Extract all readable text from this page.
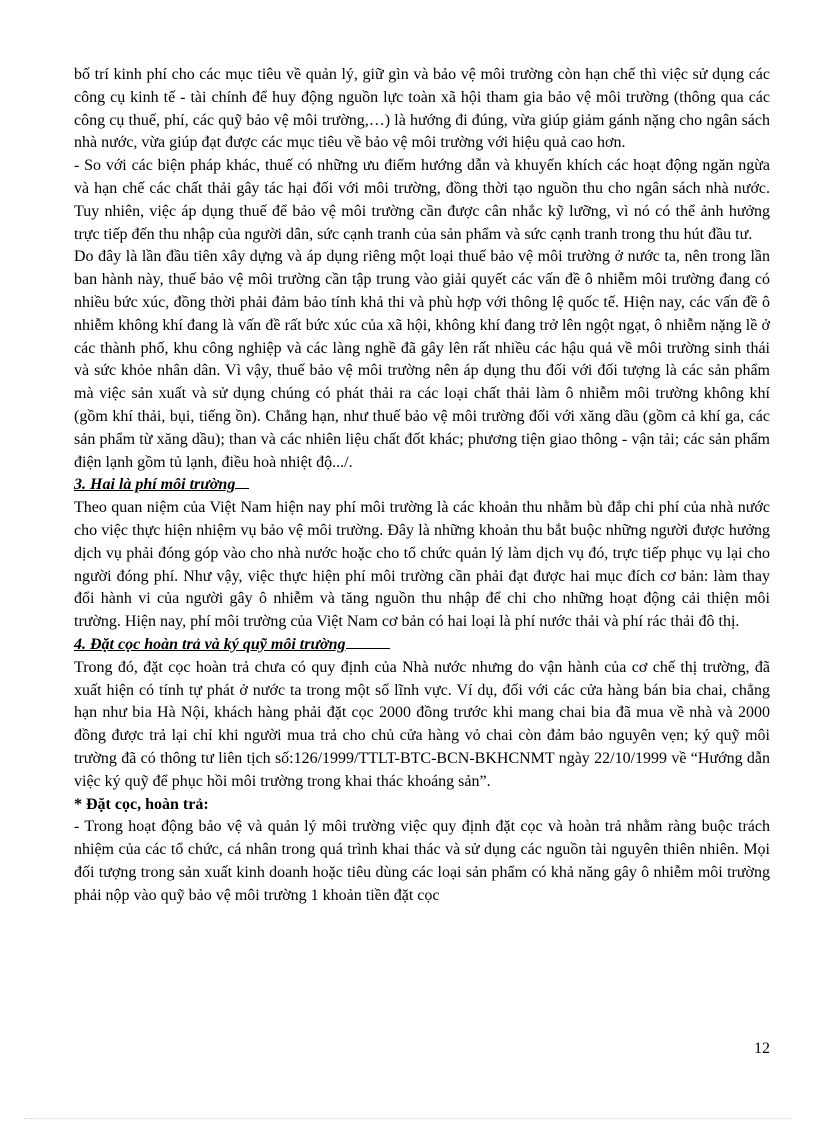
bố trí kinh phí cho các mục tiêu về quản lý, giữ gìn và bảo vệ môi trường còn hạn chế thì việc sử dụng các công cụ kinh tế - tài chính để huy động nguồn lực toàn xã hội tham gia bảo vệ môi trường (thông qua các công cụ thuế, phí, các quỹ bảo vệ môi trường,…) là hướng đi đúng, vừa giúp giảm gánh nặng cho ngân sách nhà nước, vừa giúp đạt được các mục tiêu về bảo vệ môi trường với hiệu quả cao hơn.

- So với các biện pháp khác, thuế có những ưu điểm hướng dẫn và khuyến khích các hoạt động ngăn ngừa và hạn chế các chất thải gây tác hại đối với môi trường, đồng thời tạo nguồn thu cho ngân sách nhà nước. Tuy nhiên, việc áp dụng thuế để bảo vệ môi trường cần được cân nhắc kỹ lưỡng, vì nó có thể ảnh hưởng trực tiếp đến thu nhập của người dân, sức cạnh tranh của sản phẩm và sức cạnh tranh trong thu hút đầu tư.

Do đây là lần đầu tiên xây dựng và áp dụng riêng một loại thuế bảo vệ môi trường ở nước ta, nên trong lần ban hành này, thuế bảo vệ môi trường cần tập trung vào giải quyết các vấn đề ô nhiễm môi trường đang có nhiều bức xúc, đồng thời phải đảm bảo tính khả thi và phù hợp với thông lệ quốc tế. Hiện nay, các vấn đề ô nhiễm không khí đang là vấn đề rất bức xúc của xã hội, không khí đang trở lên ngột ngạt, ô nhiễm nặng lề ở các thành phố, khu công nghiệp và các làng nghề đã gây lên rất nhiều các hậu quả về môi trường sinh thái và sức khỏe nhân dân. Vì vậy, thuế bảo vệ môi trường nên áp dụng thu đối với đối tượng là các sản phẩm mà việc sản xuất và sử dụng chúng có phát thải ra các loại chất thải làm ô nhiễm môi trường không khí (gồm khí thải, bụi, tiếng ồn). Chẳng hạn, như thuế bảo vệ môi trường đối với xăng dầu (gồm cả khí ga, các sản phẩm từ xăng dầu); than và các nhiên liệu chất đốt khác; phương tiện giao thông - vận tải; các sản phẩm điện lạnh gồm tủ lạnh, điều hoà nhiệt độ.../.

3. Hai là phí môi trường

Theo quan niệm của Việt Nam hiện nay phí môi trường là các khoản thu nhằm bù đắp chi phí của nhà nước cho việc thực hiện nhiệm vụ bảo vệ môi trường. Đây là những khoản thu bắt buộc những người được hưởng dịch vụ phải đóng góp vào cho nhà nước hoặc cho tổ chức quản lý làm dịch vụ đó, trực tiếp phục vụ lại cho người đóng phí. Như vậy, việc thực hiện phí môi trường cần phải đạt được hai mục đích cơ bản: làm thay đổi hành vi của người gây ô nhiễm và tăng nguồn thu nhập để chi cho những hoạt động cải thiện môi trường. Hiện nay, phí môi trường của Việt Nam cơ bản có hai loại là phí nước thải và phí rác thải đô thị.

4. Đặt cọc hoàn trả và ký quỹ môi trường

Trong đó, đặt cọc hoàn trả chưa có quy định của Nhà nước nhưng do vận hành của cơ chế thị trường, đã xuất hiện có tính tự phát ở nước ta trong một số lĩnh vực. Ví dụ, đối với các cửa hàng bán bia chai, chẳng hạn như bia Hà Nội, khách hàng phải đặt cọc 2000 đồng trước khi mang chai bia đã mua về nhà và 2000 đồng được trả lại chỉ khi người mua trả cho chủ cửa hàng vỏ chai còn đảm bảo nguyên vẹn; ký quỹ môi trường đã có thông tư liên tịch số:126/1999/TTLT-BTC-BCN-BKHCNMT ngày 22/10/1999 về “Hướng dẫn việc ký quỹ để phục hồi môi trường trong khai thác khoáng sản”.

* Đặt cọc, hoàn trả:

- Trong hoạt động bảo vệ và quản lý môi trường việc quy định đặt cọc và hoàn trả nhằm ràng buộc trách nhiệm của các tổ chức, cá nhân trong quá trình khai thác và sử dụng các nguồn tài nguyên thiên nhiên. Mọi đối tượng trong sản xuất kinh doanh hoặc tiêu dùng các loại sản phẩm có khả năng gây ô nhiễm môi trường phải nộp vào quỹ bảo vệ môi trường 1 khoản tiền đặt cọc

12
